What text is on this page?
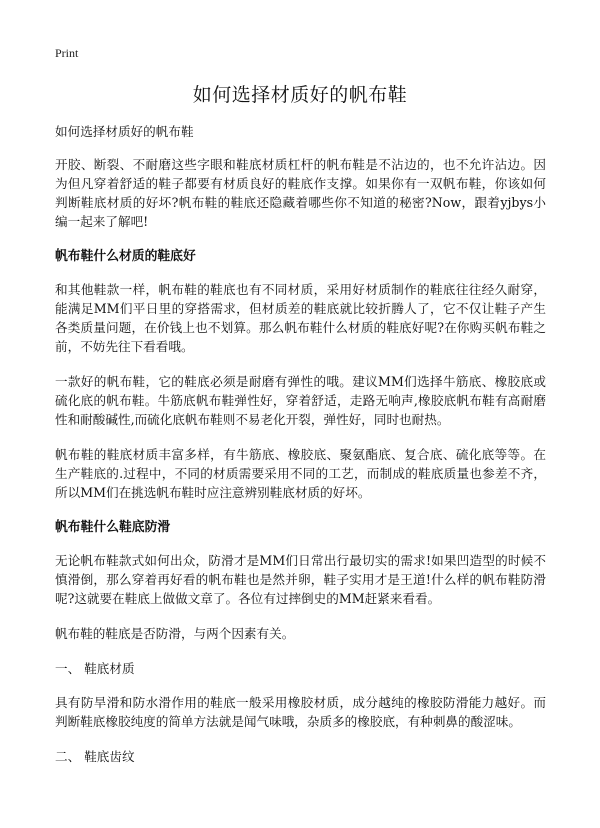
Print
如何选择材质好的帆布鞋

如何选择材质好的帆布鞋

开胶、断裂、不耐磨这些字眼和鞋底材质杠杆的帆布鞋是不沾边的，也不允许沾边。因为但凡穿着舒适的鞋子都要有材质良好的鞋底作支撑。如果你有一双帆布鞋，你该如何判断鞋底材质的好坏?帆布鞋的鞋底还隐藏着哪些你不知道的秘密?Now，跟着yjbys小编一起来了解吧!

帆布鞋什么材质的鞋底好

和其他鞋款一样，帆布鞋的鞋底也有不同材质，采用好材质制作的鞋底往往经久耐穿，能满足MM们平日里的穿搭需求，但材质差的鞋底就比较折腾人了，它不仅让鞋子产生各类质量问题，在价钱上也不划算。那么帆布鞋什么材质的鞋底好呢?在你购买帆布鞋之前，不妨先往下看看哦。

一款好的帆布鞋，它的鞋底必须是耐磨有弹性的哦。建议MM们选择牛筋底、橡胶底或硫化底的帆布鞋。牛筋底帆布鞋弹性好，穿着舒适，走路无响声,橡胶底帆布鞋有高耐磨性和耐酸碱性,而硫化底帆布鞋则不易老化开裂，弹性好，同时也耐热。

帆布鞋的鞋底材质丰富多样，有牛筋底、橡胶底、聚氨酯底、复合底、硫化底等等。在生产鞋底的.过程中，不同的材质需要采用不同的工艺，而制成的鞋底质量也参差不齐，所以MM们在挑选帆布鞋时应注意辨别鞋底材质的好坏。

帆布鞋什么鞋底防滑

无论帆布鞋款式如何出众，防滑才是MM们日常出行最切实的需求!如果凹造型的时候不慎滑倒，那么穿着再好看的帆布鞋也是然并卵，鞋子实用才是王道!什么样的帆布鞋防滑呢?这就要在鞋底上做做文章了。各位有过摔倒史的MM赶紧来看看。

帆布鞋的鞋底是否防滑，与两个因素有关。

一、 鞋底材质

具有防旱滑和防水滑作用的鞋底一般采用橡胶材质，成分越纯的橡胶防滑能力越好。而判断鞋底橡胶纯度的简单方法就是闻气味哦，杂质多的橡胶底，有种刺鼻的酸涩味。

二、 鞋底齿纹
